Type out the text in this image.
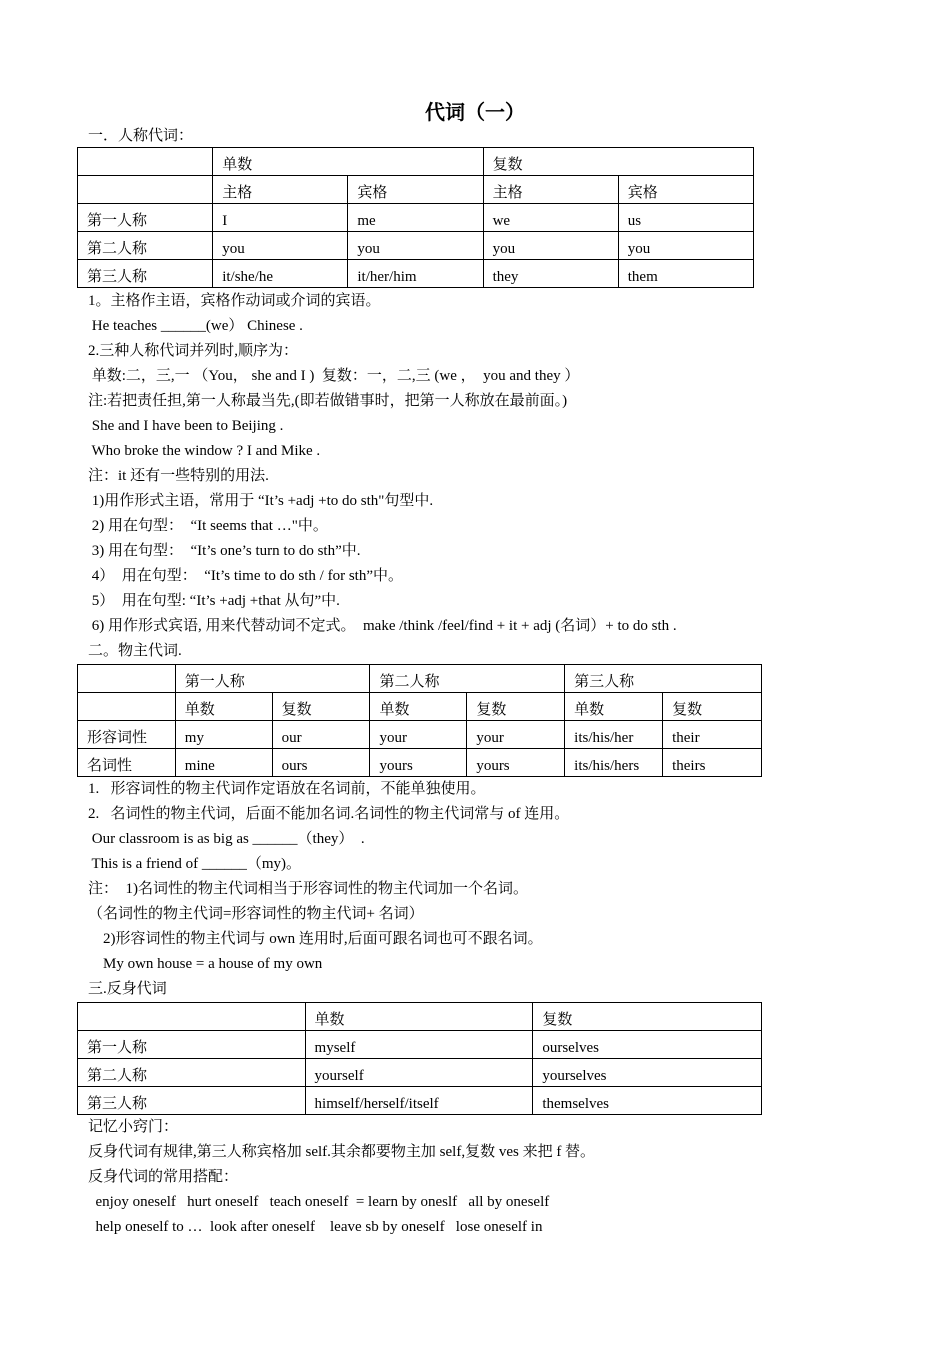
代词（一）
一．人称代词：
	单数		复数	
	主格	宾格	主格	宾格
第一人称	I	me	we	us
第二人称	you	you	you	you
第三人称	it/she/he	it/her/him	they	them
1。主格作主语，宾格作动词或介词的宾语。
He teaches ______(we） Chinese .
2.三种人称代词并列时,顺序为：
单数:二，三,一 （You， she and I )  复数：一，二,三 (we ，  you and they ）
注:若把责任担,第一人称最当先,(即若做错事时，把第一人称放在最前面。)
She and I have been to Beijing .
Who broke the window ? I and Mike .
注：it 还有一些特别的用法.
1)用作形式主语，常用于 “It’s +adj +to do sth"句型中.
2) 用在句型：  “It seems that …"中。
3) 用在句型：  “It’s one’s turn to do sth”中.
4）  用在句型：  “It’s time to do sth / for sth”中。
5）  用在句型: “It’s +adj +that 从句”中.
6) 用作形式宾语, 用来代替动词不定式。  make /think /feel/find + it + adj (名词）+ to do sth .
二。物主代词.
	第一人称		第二人称		第三人称	
	单数	复数	单数	复数	单数	复数
形容词性	my	our	your	your	its/his/her	their
名词性	mine	ours	yours	yours	its/his/hers	theirs
1.   形容词性的物主代词作定语放在名词前，不能单独使用。
2.   名词性的物主代词，后面不能加名词.名词性的物主代词常与 of 连用。
Our classroom is as big as ______（they）  .
This is a friend of ______（my)。
注：  1)名词性的物主代词相当于形容词性的物主代词加一个名词。
（名词性的物主代词=形容词性的物主代词+ 名词）
2)形容词性的物主代词与 own 连用时,后面可跟名词也可不跟名词。
My own house = a house of my own
三.反身代词
	单数	复数
第一人称	myself	ourselves
第二人称	yourself	yourselves
第三人称	himself/herself/itself	themselves
记忆小窍门：
反身代词有规律,第三人称宾格加 self.其余都要物主加 self,复数 ves 来把 f 替。
反身代词的常用搭配：
enjoy oneself   hurt oneself   teach oneself  = learn by oneslf   all by oneself
help oneself to …  look after oneself    leave sb by oneself   lose oneself in
